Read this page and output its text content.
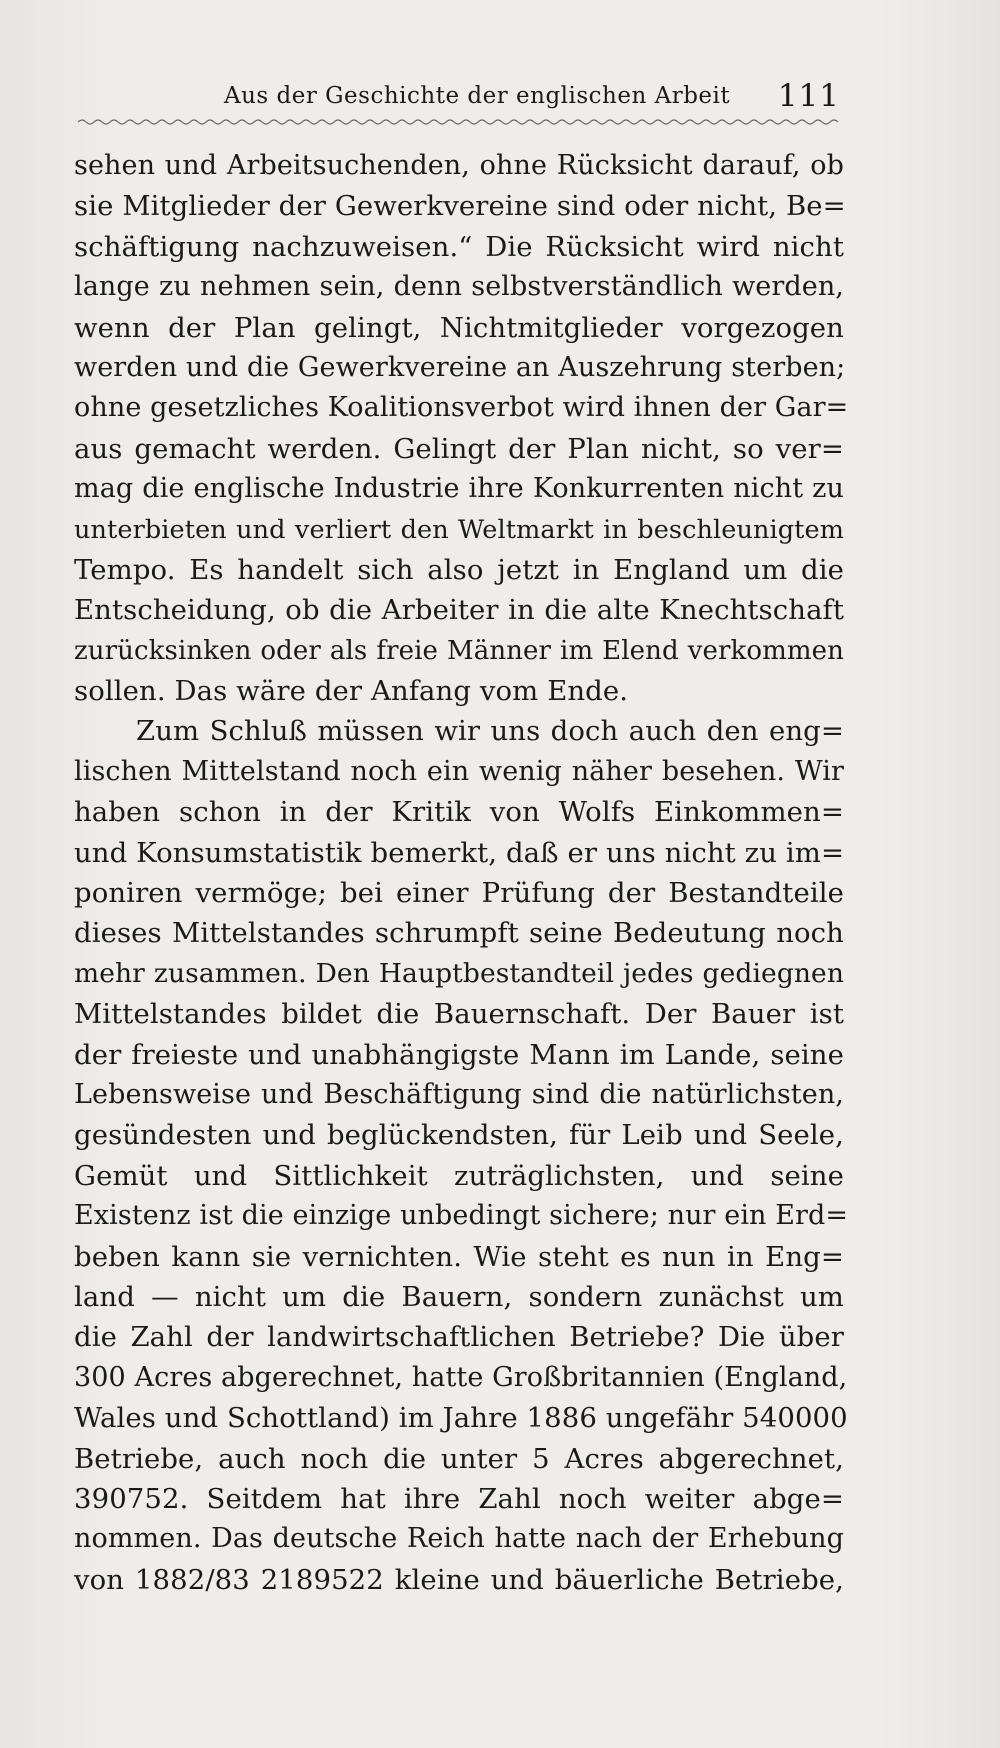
Aus der Geschichte der englischen Arbeit 111
sehen und Arbeitsuchenden, ohne Rücksicht darauf, ob
sie Mitglieder der Gewerkvereine sind oder nicht, Be=
schäftigung nachzuweisen.“ Die Rücksicht wird nicht
lange zu nehmen sein, denn selbstverständlich werden,
wenn der Plan gelingt, Nichtmitglieder vorgezogen
werden und die Gewerkvereine an Auszehrung sterben;
ohne gesetzliches Koalitionsverbot wird ihnen der Gar=
aus gemacht werden. Gelingt der Plan nicht, so ver=
mag die englische Industrie ihre Konkurrenten nicht zu
unterbieten und verliert den Weltmarkt in beschleunigtem
Tempo. Es handelt sich also jetzt in England um die
Entscheidung, ob die Arbeiter in die alte Knechtschaft
zurücksinken oder als freie Männer im Elend verkommen
sollen. Das wäre der Anfang vom Ende.
Zum Schluß müssen wir uns doch auch den eng=
lischen Mittelstand noch ein wenig näher besehen. Wir
haben schon in der Kritik von Wolfs Einkommen=
und Konsumstatistik bemerkt, daß er uns nicht zu im=
poniren vermöge; bei einer Prüfung der Bestandteile
dieses Mittelstandes schrumpft seine Bedeutung noch
mehr zusammen. Den Hauptbestandteil jedes gediegnen
Mittelstandes bildet die Bauernschaft. Der Bauer ist
der freieste und unabhängigste Mann im Lande, seine
Lebensweise und Beschäftigung sind die natürlichsten,
gesündesten und beglückendsten, für Leib und Seele,
Gemüt und Sittlichkeit zuträglichsten, und seine
Existenz ist die einzige unbedingt sichere; nur ein Erd=
beben kann sie vernichten. Wie steht es nun in Eng=
land — nicht um die Bauern, sondern zunächst um
die Zahl der landwirtschaftlichen Betriebe? Die über
300 Acres abgerechnet, hatte Großbritannien (England,
Wales und Schottland) im Jahre 1886 ungefähr 540000
Betriebe, auch noch die unter 5 Acres abgerechnet,
390752. Seitdem hat ihre Zahl noch weiter abge=
nommen. Das deutsche Reich hatte nach der Erhebung
von 1882/83 2189522 kleine und bäuerliche Betriebe,
